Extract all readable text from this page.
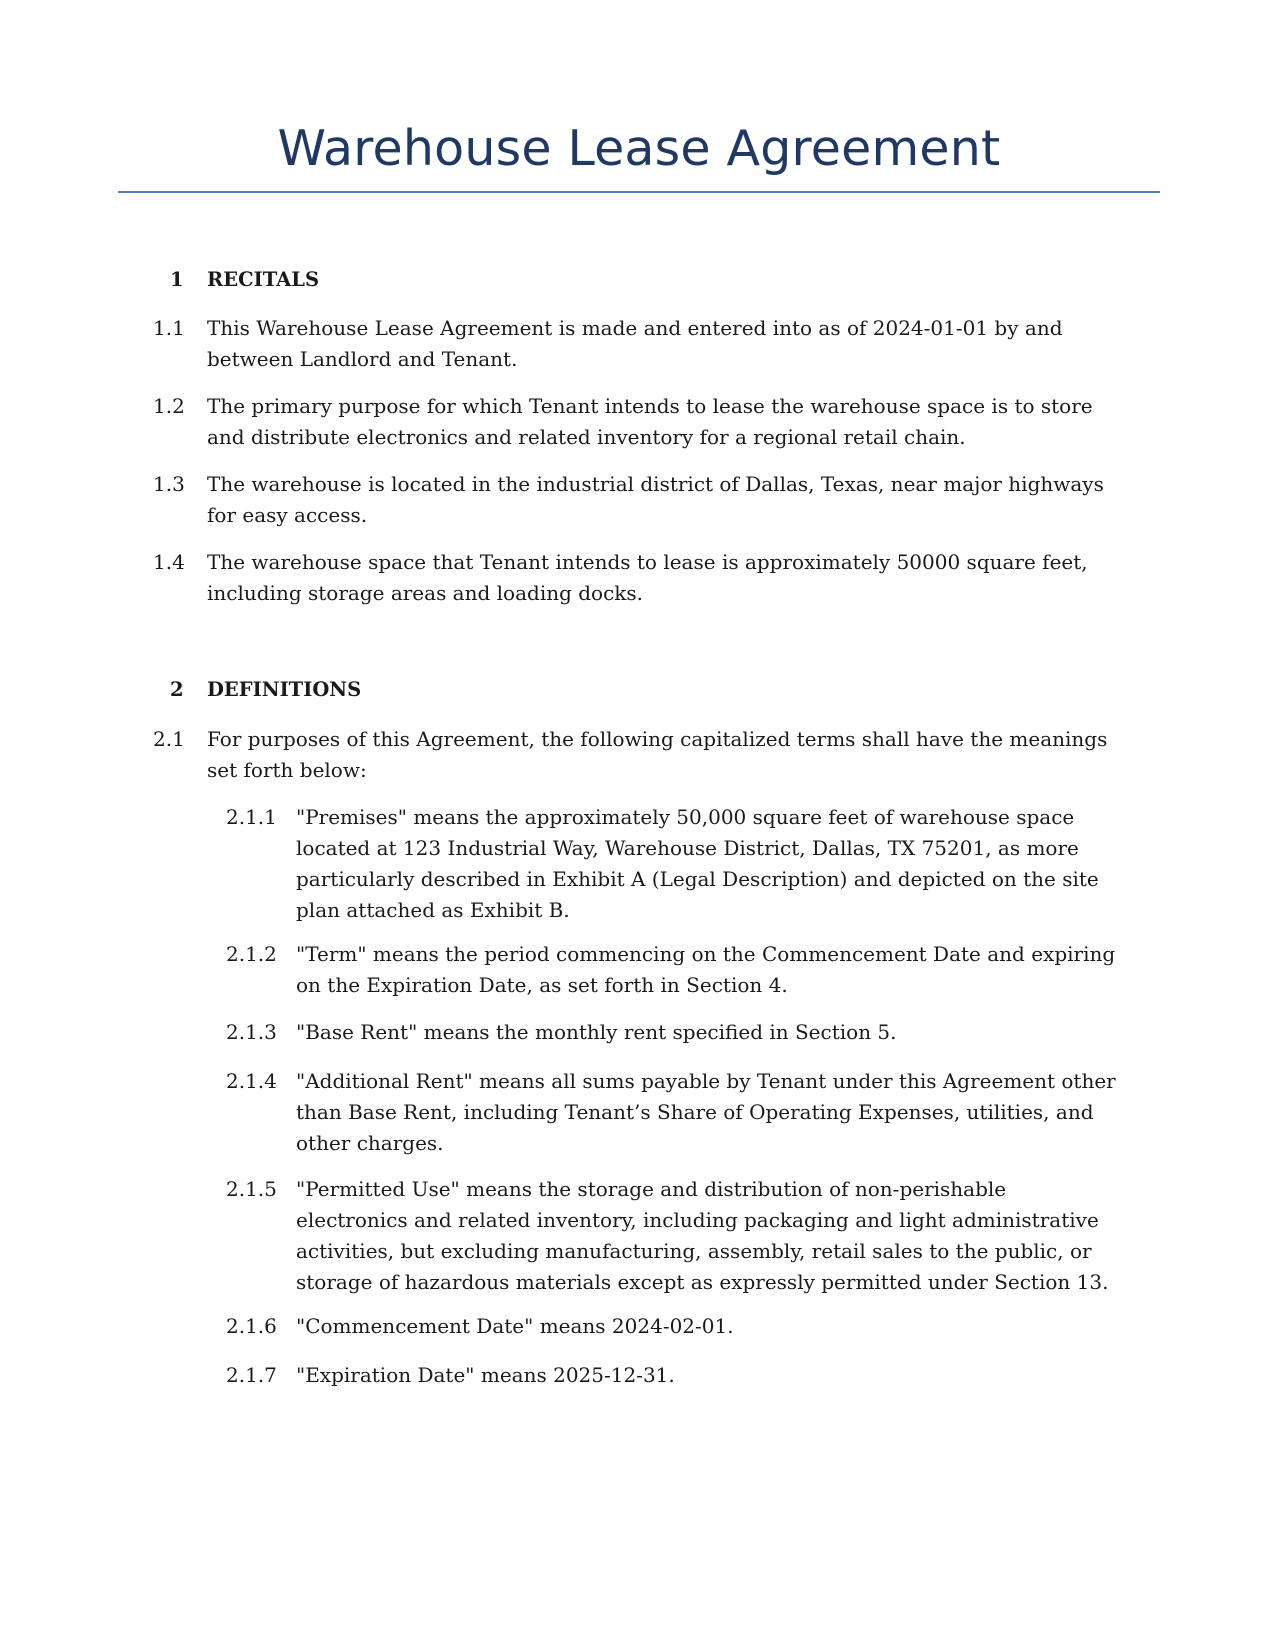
Warehouse Lease Agreement
1 RECITALS
1.1 This Warehouse Lease Agreement is made and entered into as of 2024-01-01 by and between Landlord and Tenant.
1.2 The primary purpose for which Tenant intends to lease the warehouse space is to store and distribute electronics and related inventory for a regional retail chain.
1.3 The warehouse is located in the industrial district of Dallas, Texas, near major highways for easy access.
1.4 The warehouse space that Tenant intends to lease is approximately 50000 square feet, including storage areas and loading docks.
2 DEFINITIONS
2.1 For purposes of this Agreement, the following capitalized terms shall have the meanings set forth below:
2.1.1 "Premises" means the approximately 50,000 square feet of warehouse space located at 123 Industrial Way, Warehouse District, Dallas, TX 75201, as more particularly described in Exhibit A (Legal Description) and depicted on the site plan attached as Exhibit B.
2.1.2 "Term" means the period commencing on the Commencement Date and expiring on the Expiration Date, as set forth in Section 4.
2.1.3 "Base Rent" means the monthly rent specified in Section 5.
2.1.4 "Additional Rent" means all sums payable by Tenant under this Agreement other than Base Rent, including Tenant’s Share of Operating Expenses, utilities, and other charges.
2.1.5 "Permitted Use" means the storage and distribution of non-perishable electronics and related inventory, including packaging and light administrative activities, but excluding manufacturing, assembly, retail sales to the public, or storage of hazardous materials except as expressly permitted under Section 13.
2.1.6 "Commencement Date" means 2024-02-01.
2.1.7 "Expiration Date" means 2025-12-31.
